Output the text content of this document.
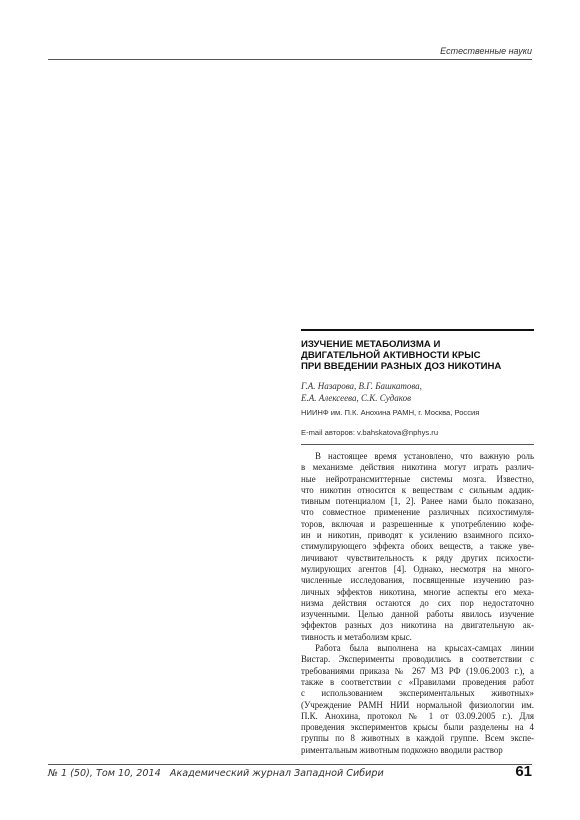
Естественные науки
ИЗУЧЕНИЕ МЕТАБОЛИЗМА И
ДВИГАТЕЛЬНОЙ АКТИВНОСТИ КРЫС
ПРИ ВВЕДЕНИИ РАЗНЫХ ДОЗ НИКОТИНА
Г.А. Назарова, В.Г. Башкатова,
Е.А. Алексеева, С.К. Судаков
НИИНФ им. П.К. Анохина РАМН, г. Москва, Россия
E-mail авторов: v.bahskatova@nphys.ru
В настоящее время установлено, что важную роль
в механизме действия никотина могут играть различ-
ные нейротрансмиттерные системы мозга. Известно,
что никотин относится к веществам с сильным аддик-
тивным потенциалом [1, 2]. Ранее нами было показано,
что совместное применение различных психостимуля-
торов, включая и разрешенные к употреблению кофе-
ин и никотин, приводят к усилению взаимного психо-
стимулирующего эффекта обоих веществ, а также уве-
личивают чувствительность к ряду других психости-
мулирующих агентов [4]. Однако, несмотря на много-
численные исследования, посвященные изучению раз-
личных эффектов никотина, многие аспекты его меха-
низма действия остаются до сих пор недостаточно
изученными. Целью данной работы явилось изучение
эффектов разных доз никотина на двигательную ак-
тивность и метаболизм крыс.
Работа была выполнена на крысах-самцах линии
Вистар. Эксперименты проводились в соответствии с
требованиями приказа № 267 МЗ РФ (19.06.2003 г.), а
также в соответствии с «Правилами проведения работ
с использованием экспериментальных животных»
(Учреждение РАМН НИИ нормальной физиологии им.
П.К. Анохина, протокол № 1 от 03.09.2005 г.). Для
проведения экспериментов крысы были разделены на 4
группы по 8 животных в каждой группе. Всем экспе-
риментальным животным подкожно вводили раствор
№ 1 (50), Том 10, 2014 Академический журнал Западной Сибири	61
